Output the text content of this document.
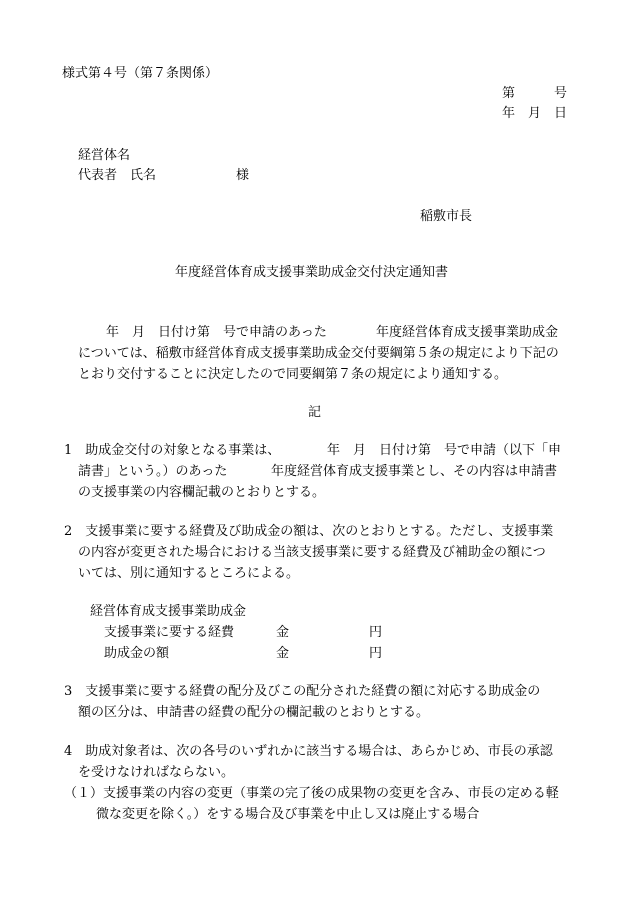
様式第４号（第７条関係）
第　　　号
年　月　日
経営体名
代表者　氏名	様
稲敷市長
年度経営体育成支援事業助成金交付決定通知書
年　月　日付け第　号で申請のあった	年度経営体育成支援事業助成金
については、稲敷市経営体育成支援事業助成金交付要綱第５条の規定により下記の
とおり交付することに決定したので同要綱第７条の規定により通知する。
記
1　助成金交付の対象となる事業は、	年　月　日付け第　号で申請（以下「申
請書」という。）のあった	年度経営体育成支援事業とし、その内容は申請書
の支援事業の内容欄記載のとおりとする。
2　支援事業に要する経費及び助成金の額は、次のとおりとする。ただし、支援事業
の内容が変更された場合における当該支援事業に要する経費及び補助金の額につ
いては、別に通知するところによる。
経営体育成支援事業助成金
支援事業に要する経費	金	円
助成金の額	金	円
3　支援事業に要する経費の配分及びこの配分された経費の額に対応する助成金の
額の区分は、申請書の経費の配分の欄記載のとおりとする。
4　助成対象者は、次の各号のいずれかに該当する場合は、あらかじめ、市長の承認
を受けなければならない。
（１）支援事業の内容の変更（事業の完了後の成果物の変更を含み、市長の定める軽
微な変更を除く。）をする場合及び事業を中止し又は廃止する場合
